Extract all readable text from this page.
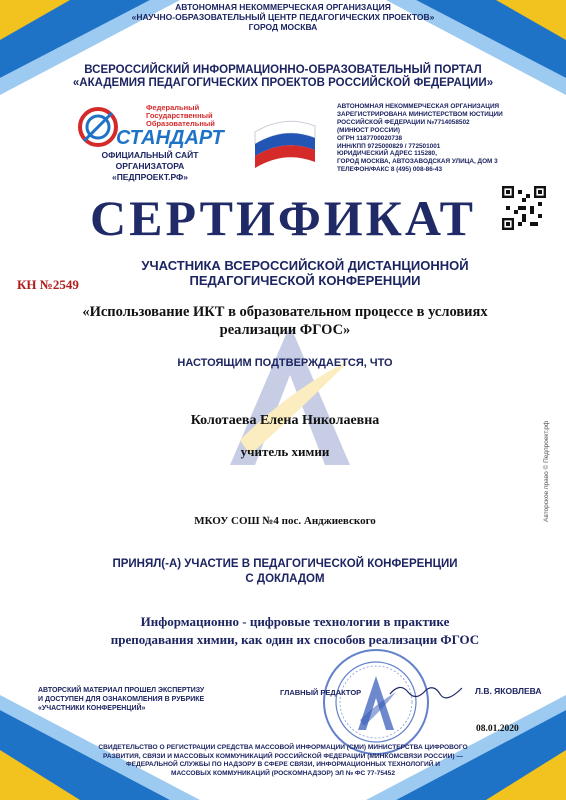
АВТОНОМНАЯ НЕКОММЕРЧЕСКАЯ ОРГАНИЗАЦИЯ
«НАУЧНО-ОБРАЗОВАТЕЛЬНЫЙ ЦЕНТР ПЕДАГОГИЧЕСКИХ ПРОЕКТОВ»
ГОРОД МОСКВА
ВСЕРОССИЙСКИЙ ИНФОРМАЦИОННО-ОБРАЗОВАТЕЛЬНЫЙ ПОРТАЛ
«АКАДЕМИЯ ПЕДАГОГИЧЕСКИХ ПРОЕКТОВ РОССИЙСКОЙ ФЕДЕРАЦИИ»
Федеральный
Государственный
Образовательный
СТАНДАРТ
ОФИЦИАЛЬНЫЙ САЙТ
ОРГАНИЗАТОРА
«ПЕДПРОЕКТ.РФ»
АВТОНОМНАЯ НЕКОММЕРЧЕСКАЯ ОРГАНИЗАЦИЯ
ЗАРЕГИСТРИРОВАНА МИНИСТЕРСТВОМ ЮСТИЦИИ
РОССИЙСКОЙ ФЕДЕРАЦИИ №7714058502
(МИНЮСТ РОССИИ)
ОГРН 1187700020738
ИНН/КПП 9725000829 / 772501001
ЮРИДИЧЕСКИЙ АДРЕС 115280,
ГОРОД МОСКВА, АВТОЗАВОДСКАЯ УЛИЦА, ДОМ 3
ТЕЛЕФОН/ФАКС 8 (495) 008-86-43
СЕРТИФИКАТ
УЧАСТНИКА ВСЕРОССИЙСКОЙ ДИСТАНЦИОННОЙ
ПЕДАГОГИЧЕСКОЙ КОНФЕРЕНЦИИ
КН №2549
«Использование ИКТ в образовательном процессе в условиях
реализации ФГОС»
НАСТОЯЩИМ ПОДТВЕРЖДАЕТСЯ, ЧТО
Колотаева Елена Николаевна
учитель химии
МКОУ СОШ №4 пос. Анджиевского
ПРИНЯЛ(-А) УЧАСТИЕ В ПЕДАГОГИЧЕСКОЙ КОНФЕРЕНЦИИ
С ДОКЛАДОМ
Информационно - цифровые технологии в практике
преподавания химии, как один их способов реализации ФГОС
Авторское право © Педпроект.рф
АВТОРСКИЙ МАТЕРИАЛ ПРОШЕЛ ЭКСПЕРТИЗУ
И ДОСТУПЕН ДЛЯ ОЗНАКОМЛЕНИЯ В РУБРИКЕ
«УЧАСТНИКИ КОНФЕРЕНЦИЙ»
ГЛАВНЫЙ РЕДАКТОР	Л.В. ЯКОВЛЕВА
08.01.2020
СВИДЕТЕЛЬСТВО О РЕГИСТРАЦИИ СРЕДСТВА МАССОВОЙ ИНФОРМАЦИИ (СМИ) МИНИСТЕРСТВА ЦИФРОВОГО
РАЗВИТИЯ, СВЯЗИ И МАССОВЫХ КОММУНИКАЦИЙ РОССИЙСКОЙ ФЕДЕРАЦИИ (МИНКОМСВЯЗИ РОССИИ) —
ФЕДЕРАЛЬНОЙ СЛУЖБЫ ПО НАДЗОРУ В СФЕРЕ СВЯЗИ, ИНФОРМАЦИОННЫХ ТЕХНОЛОГИЙ И
МАССОВЫХ КОММУНИКАЦИЙ (РОСКОМНАДЗОР) ЭЛ № ФС 77-75452
